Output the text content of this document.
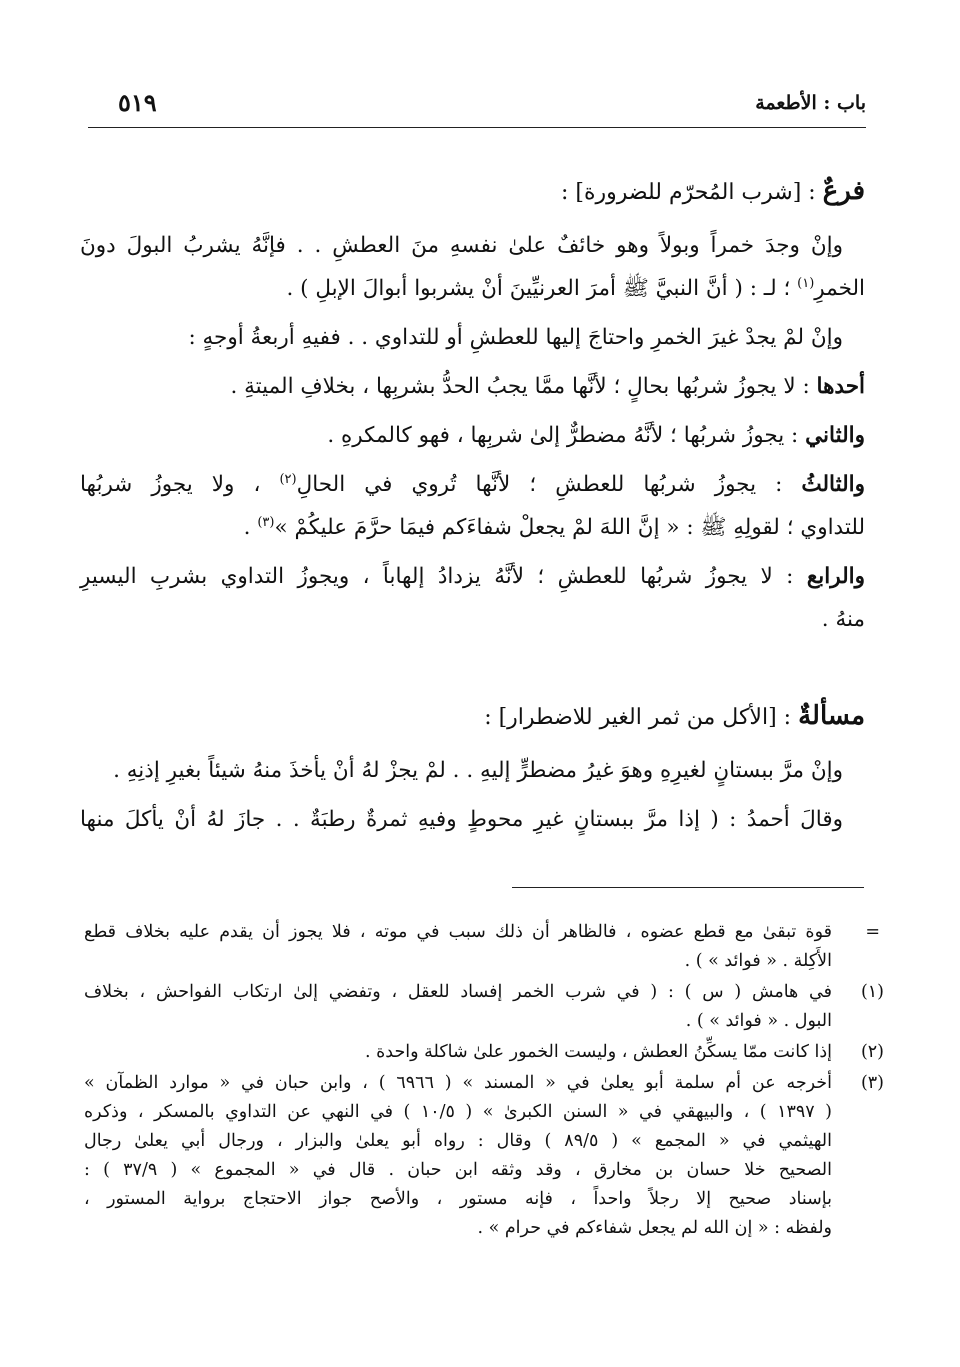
باب : الأطعمة
٥١٩
فرعٌ : [شرب المُحرّم للضرورة] :
وإنْ وجدَ خمراً وبولاً وهو خائفٌ علىٰ نفسهِ منَ العطشِ . . فإنَّهُ يشربُ البولَ دونَ
الخمرِ$^{(١)}$ ؛ لـ : ( أنَّ النبيَّ ﷺ أمرَ العرنيِّينَ أنْ يشربوا أبوالَ الإبلِ ) .
وإنْ لمْ يجدْ غيرَ الخمرِ واحتاجَ إليها للعطشِ أو للتداوي . . ففيهِ أربعةُ أوجهٍ :
أحدها : لا يجوزُ شربُها بحالٍ ؛ لأنَّها ممَّا يجبُ الحدُّ بشربِها ، بخلافِ الميتةِ .
والثاني : يجوزُ شربُها ؛ لأنَّهُ مضطرٌّ إلىٰ شربِها ، فهو كالمكرهِ .
والثالثُ : يجوزُ شربُها للعطشِ ؛ لأنَّها تُروي في الحالِ$^{(٢)}$ ، ولا يجوزُ شربُها
للتداوي ؛ لقولِهِ ﷺ : « إنَّ اللهَ لمْ يجعلْ شفاءَكم فيمَا حرَّمَ عليكُمْ »$^{(٣)}$ .
والرابع : لا يجوزُ شربُها للعطشِ ؛ لأنَّهُ يزدادُ إلهاباً ، ويجوزُ التداوي بشربِ اليسيرِ
منهُ .
مسألةٌ : [الأكل من ثمر الغير للاضطرار] :
وإنْ مرَّ ببستانٍ لغيرِهِ وهوَ غيرُ مضطرٍّ إليهِ . . لمْ يجزْ لهُ أنْ يأخذَ منهُ شيئاً بغيرِ إذنِهِ .
وقالَ أحمدُ : ( إذا مرَّ ببستانٍ غيرِ محوطٍ وفيهِ ثمرةٌ رطبَةٌ . . جازَ لهُ أنْ يأكلَ منها
=
قوة تبقىٰ مع قطع عضوه ، فالظاهر أن ذلك سبب في موته ، فلا يجوز أن يقدم عليه بخلاف قطع
الأَكِلة . « فوائد » ) .
(١)
في هامش ( س ) : ( في شرب الخمر إفساد للعقل ، وتفضي إلىٰ ارتكاب الفواحش ، بخلاف
البول . « فوائد » ) .
(٢)
إذا كانت ممّا يسكِّنُ العطش ، وليست الخمور علىٰ شاكلة واحدة .
(٣)
أخرجه عن أم سلمة أبو يعلىٰ في « المسند » ( ٦٩٦٦ ) ، وابن حبان في « موارد الظمآن »
( ١٣٩٧ ) ، والبيهقي في « السنن الكبرىٰ » ( ١٠/٥ ) في النهي عن التداوي بالمسكر ، وذكره
الهيثمي في « المجمع » ( ٨٩/٥ ) وقال : رواه أبو يعلىٰ والبزار ، ورجال أبي يعلىٰ رجال
الصحيح خلا حسان بن مخارق ، وقد وثقه ابن حبان . قال في « المجموع » ( ٣٧/٩ ) :
بإسناد صحيح إلا رجلاً واحداً ، فإنه مستور ، والأصح جواز الاحتجاج برواية المستور ،
ولفظه : « إن الله لم يجعل شفاءكم في حرام » .
